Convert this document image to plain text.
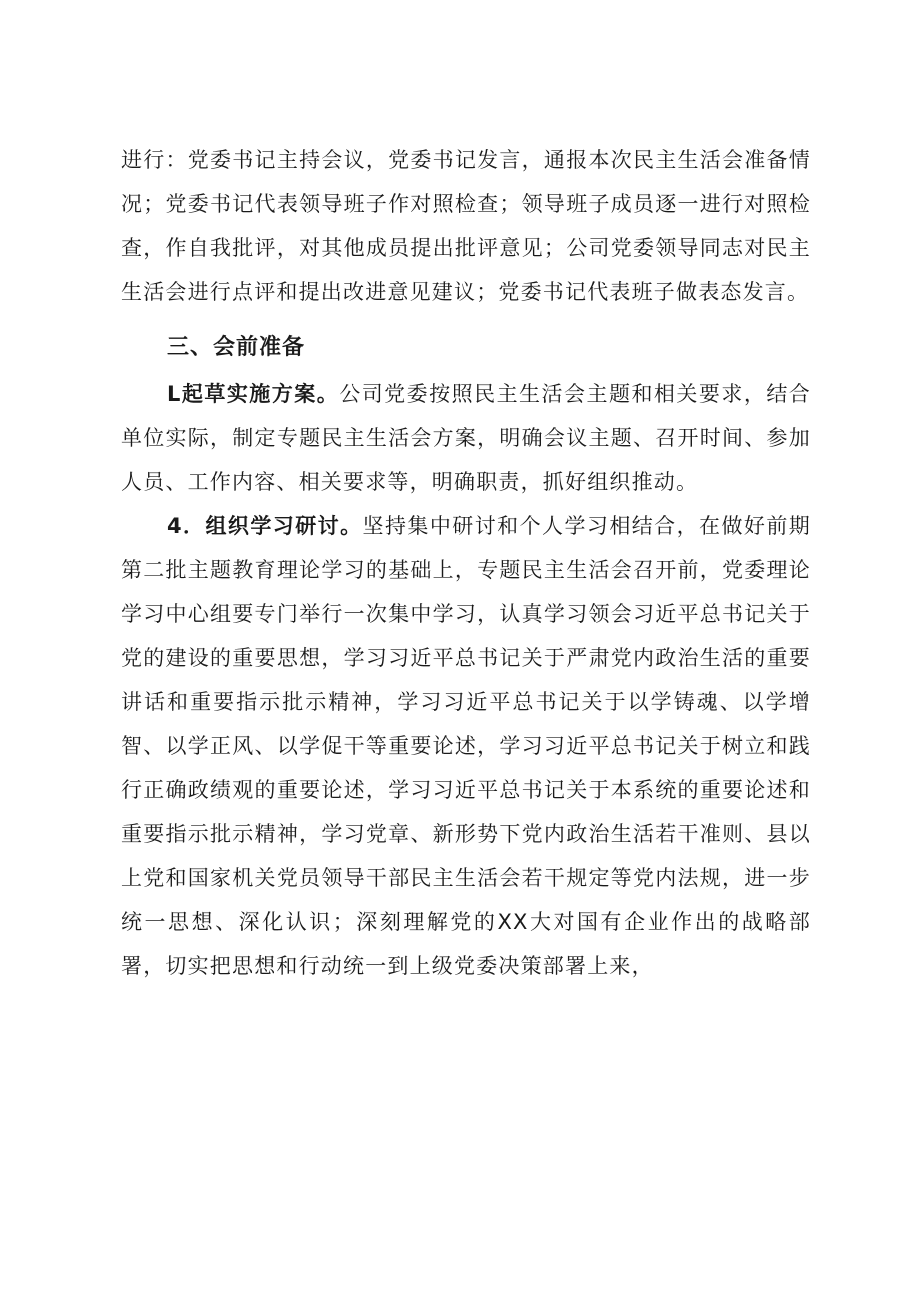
进行：党委书记主持会议，党委书记发言，通报本次民主生活会准备情况；党委书记代表领导班子作对照检查；领导班子成员逐一进行对照检查，作自我批评，对其他成员提出批评意见；公司党委领导同志对民主生活会进行点评和提出改进意见建议；党委书记代表班子做表态发言。

三、会前准备

L起草实施方案。公司党委按照民主生活会主题和相关要求，结合单位实际，制定专题民主生活会方案，明确会议主题、召开时间、参加人员、工作内容、相关要求等，明确职责，抓好组织推动。

4．组织学习研讨。坚持集中研讨和个人学习相结合，在做好前期第二批主题教育理论学习的基础上，专题民主生活会召开前，党委理论学习中心组要专门举行一次集中学习，认真学习领会习近平总书记关于党的建设的重要思想，学习习近平总书记关于严肃党内政治生活的重要讲话和重要指示批示精神，学习习近平总书记关于以学铸魂、以学增智、以学正风、以学促干等重要论述，学习习近平总书记关于树立和践行正确政绩观的重要论述，学习习近平总书记关于本系统的重要论述和重要指示批示精神，学习党章、新形势下党内政治生活若干准则、县以上党和国家机关党员领导干部民主生活会若干规定等党内法规，进一步统一思想、深化认识；深刻理解党的XX大对国有企业作出的战略部署，切实把思想和行动统一到上级党委决策部署上来，
